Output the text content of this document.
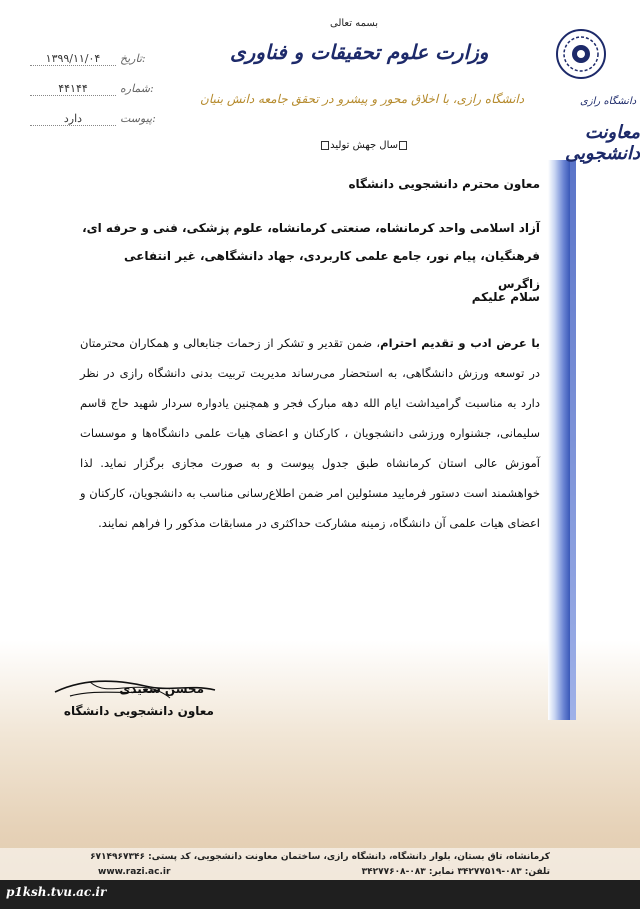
۱۳۹۹/۱۱/۰۴ تاریخ:
۴۴۱۴۴	شماره:
دارد	پیوست:
بسمه تعالی
وزارت علوم تحقیقات و فناوری
دانشگاه رازی، با اخلاق محور و پیشرو در تحقق جامعه دانش بنیان	دانشگاه رازی
معاونت دانشجویی
سال جهش تولید
معاون محترم دانشجویی دانشگاه
آزاد اسلامی واحد کرمانشاه، صنعتی کرمانشاه، علوم پزشکی، فنی و حرفه ای، فرهنگیان، پیام نور، جامع علمی کاربردی، جهاد دانشگاهی، غیر انتفاعی زاگرس
سلام علیکم
با عرض ادب و تقدیم احترام، ضمن تقدیر و تشکر از زحمات جنابعالی و همکاران محترمتان در توسعه ورزش دانشگاهی، به استحضار می‌رساند مدیریت تربیت بدنی دانشگاه رازی در نظر دارد به مناسبت گرامیداشت ایام الله دهه مبارک فجر و همچنین یادواره سردار شهید حاج قاسم سلیمانی، جشنواره ورزشی دانشجویان ، کارکنان و اعضای هیات علمی دانشگاه‌ها و موسسات آموزش عالی استان کرمانشاه طبق جدول پیوست و به صورت مجازی برگزار نماید. لذا خواهشمند است دستور فرمایید مسئولین امر ضمن اطلاع‌رسانی مناسب به دانشجویان، کارکنان و اعضای هیات علمی آن دانشگاه، زمینه مشارکت حداکثری در مسابقات مذکور را فراهم نمایند.
محسن سعیدی
معاون دانشجویی دانشگاه
کرمانشاه، تاق بستان، بلوار دانشگاه، دانشگاه رازی، ساختمان معاونت دانشجویی، کد پستی: ۶۷۱۴۹۶۷۳۴۶
تلفن: ۰۸۳-۳۴۲۷۷۵۱۹ نمابر: ۰۸۳-۳۴۲۷۷۶۰۸
www.razi.ac.ir
p1ksh.tvu.ac.ir
